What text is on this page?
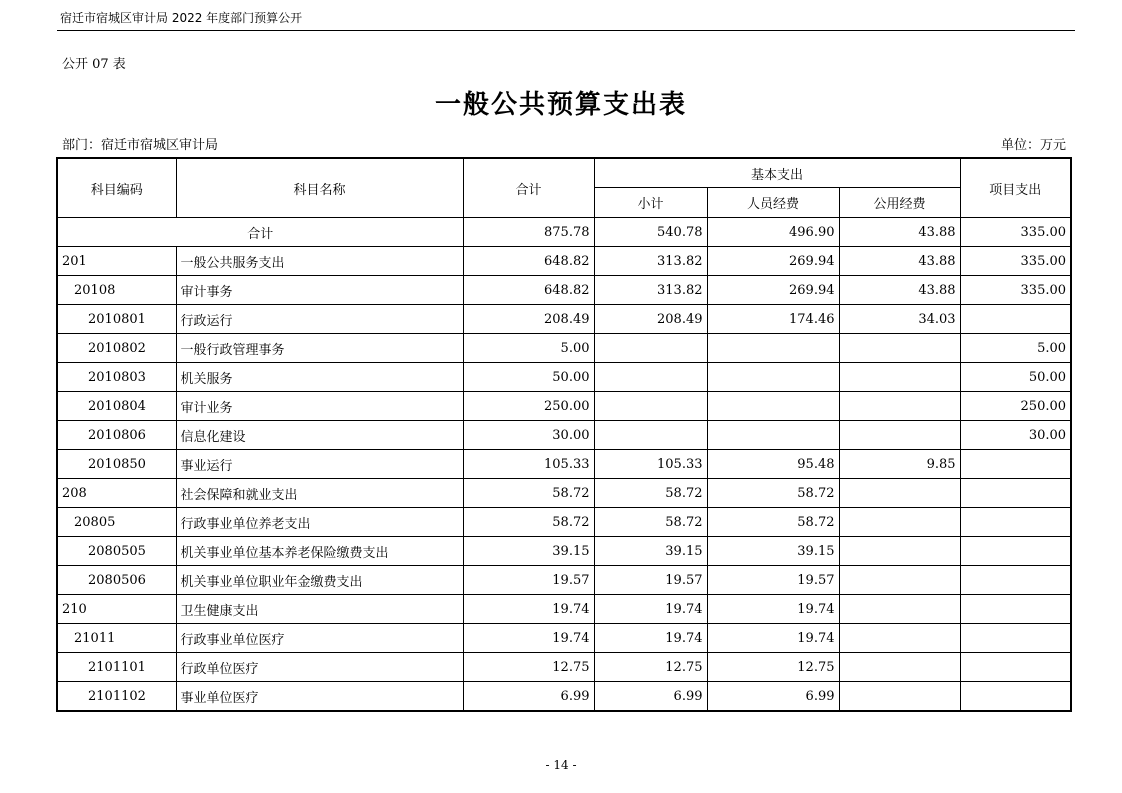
宿迁市宿城区审计局 2022 年度部门预算公开
公开 07 表
一般公共预算支出表
部门：宿迁市宿城区审计局	单位：万元
科目编码	科目名称	合计	基本支出			项目支出
			小计	人员经费	公用经费	
合计		875.78	540.78	496.90	43.88	335.00
201	一般公共服务支出	648.82	313.82	269.94	43.88	335.00
20108	审计事务	648.82	313.82	269.94	43.88	335.00
2010801	行政运行	208.49	208.49	174.46	34.03	
2010802	一般行政管理事务	5.00				5.00
2010803	机关服务	50.00				50.00
2010804	审计业务	250.00				250.00
2010806	信息化建设	30.00				30.00
2010850	事业运行	105.33	105.33	95.48	9.85	
208	社会保障和就业支出	58.72	58.72	58.72		
20805	行政事业单位养老支出	58.72	58.72	58.72		
2080505	机关事业单位基本养老保险缴费支出	39.15	39.15	39.15		
2080506	机关事业单位职业年金缴费支出	19.57	19.57	19.57		
210	卫生健康支出	19.74	19.74	19.74		
21011	行政事业单位医疗	19.74	19.74	19.74		
2101101	行政单位医疗	12.75	12.75	12.75		
2101102	事业单位医疗	6.99	6.99	6.99		
- 14 -
